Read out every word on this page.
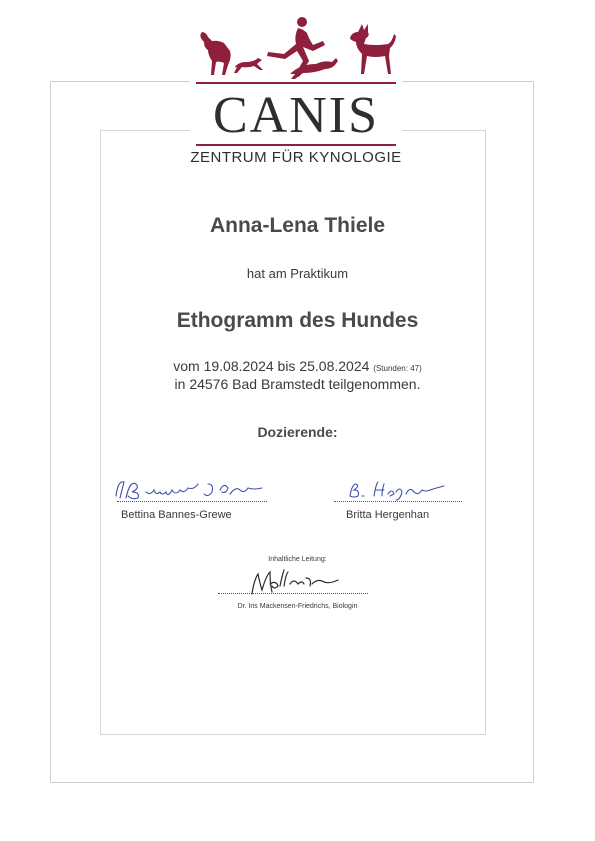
CANIS
ZENTRUM FÜR KYNOLOGIE
Anna-Lena Thiele
hat am Praktikum
Ethogramm des Hundes
vom 19.08.2024 bis 25.08.2024 (Stunden: 47)
in 24576 Bad Bramstedt teilgenommen.
Dozierende:
Bettina Bannes-Grewe	Britta Hergenhan
Inhaltliche Leitung:
Dr. Iris Mackensen-Friedrichs, Biologin
